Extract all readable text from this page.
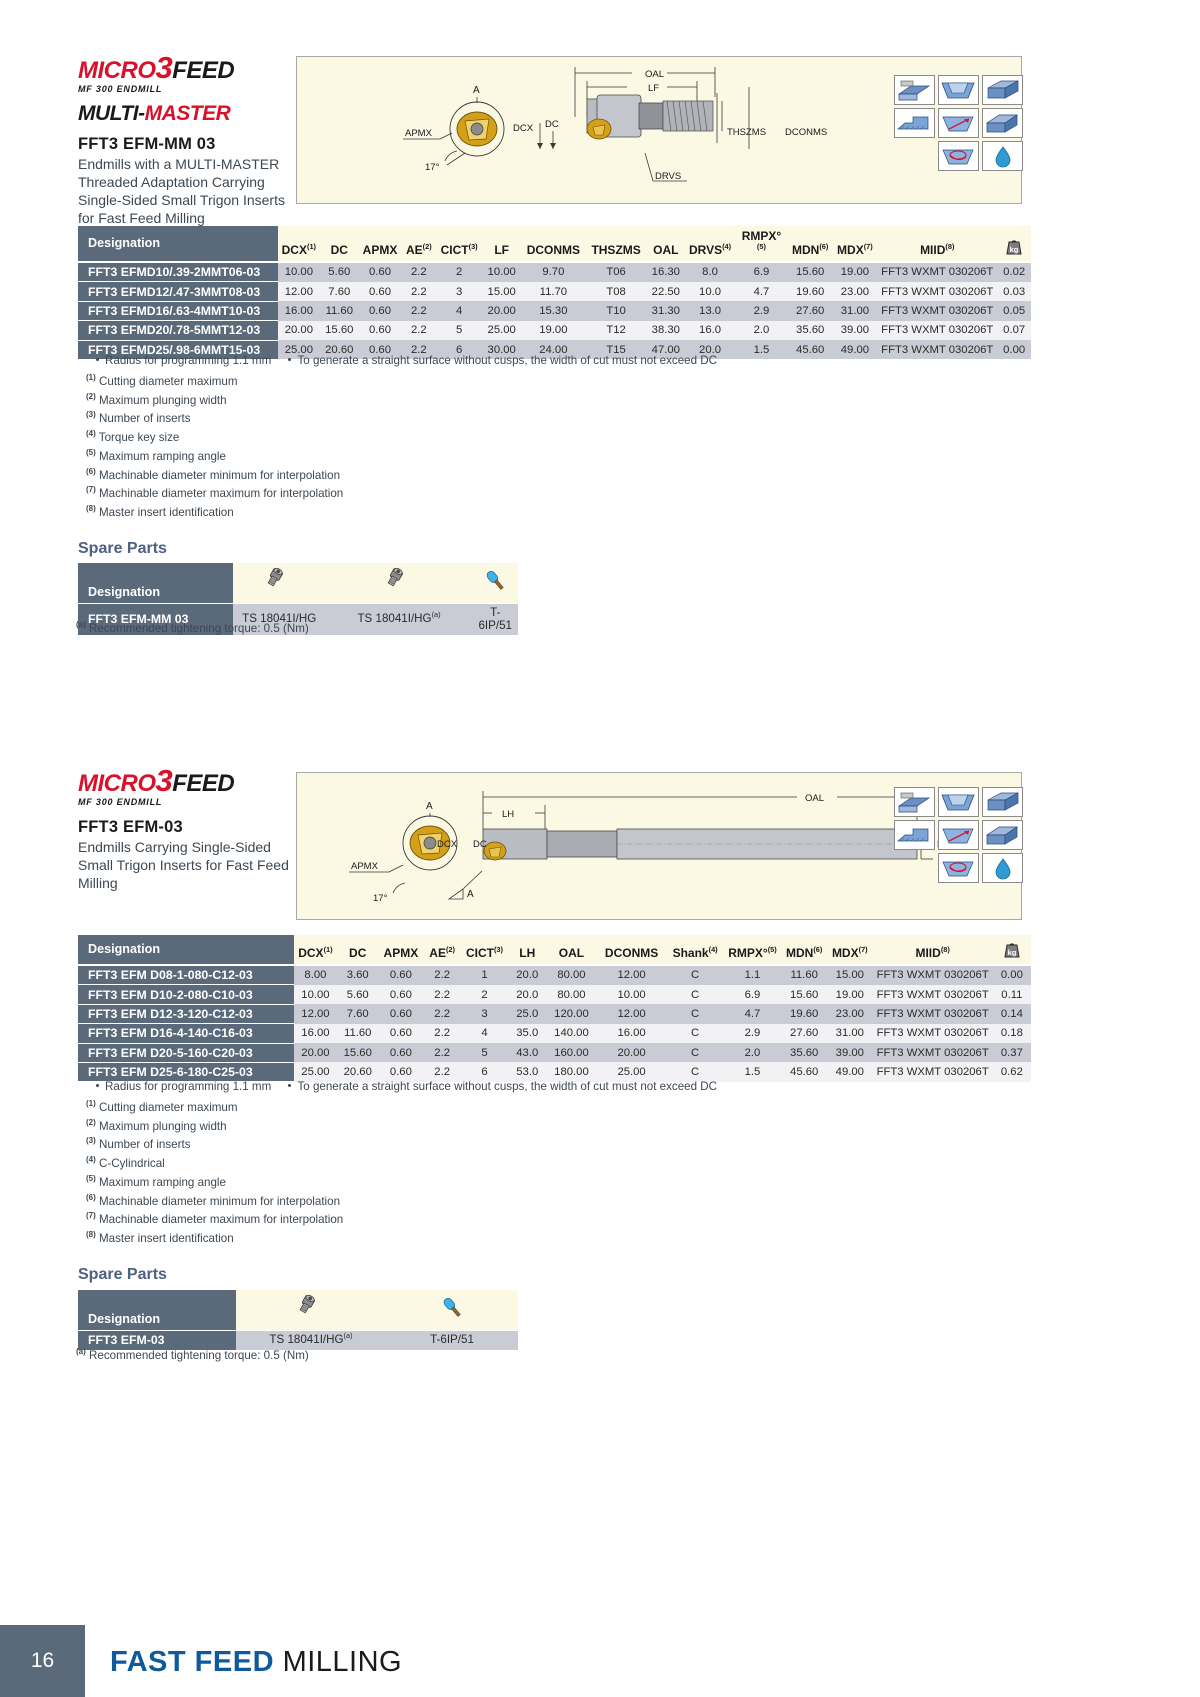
MICRO3FEED
MF 300 ENDMILL
MULTI-MASTER
FFT3 EFM-MM 03
Endmills with a MULTI-MASTER Threaded Adaptation Carrying Single-Sided Small Trigon Inserts for Fast Feed Milling
OAL
LF
A
APMX
17°
DCX DC
THSZMS DCONMS
DRVS
Designation	DCX$^{(1)}$	DC	APMX	AE$^{(2)}$	CICT$^{(3)}$	LF	DCONMS	THSZMS	OAL	DRVS$^{(4)}$	RMPX°$^{(5)}$	MDN$^{(6)}$	MDX$^{(7)}$	MIID$^{(8)}$	kg

FFT3 EFMD10/.39-2MMT06-03	10.00	5.60	0.60	2.2	2	10.00	9.70	T06	16.30	8.0	6.9	15.60	19.00	FFT3 WXMT 030206T	0.02
FFT3 EFMD12/.47-3MMT08-03	12.00	7.60	0.60	2.2	3	15.00	11.70	T08	22.50	10.0	4.7	19.60	23.00	FFT3 WXMT 030206T	0.03
FFT3 EFMD16/.63-4MMT10-03	16.00	11.60	0.60	2.2	4	20.00	15.30	T10	31.30	13.0	2.9	27.60	31.00	FFT3 WXMT 030206T	0.05
FFT3 EFMD20/.78-5MMT12-03	20.00	15.60	0.60	2.2	5	25.00	19.00	T12	38.30	16.0	2.0	35.60	39.00	FFT3 WXMT 030206T	0.07
FFT3 EFMD25/.98-6MMT15-03	25.00	20.60	0.60	2.2	6	30.00	24.00	T15	47.00	20.0	1.5	45.60	49.00	FFT3 WXMT 030206T	0.00
Radius for programming 1.1 mm To generate a straight surface without cusps, the width of cut must not exceed DC
$^{(1)}$ Cutting diameter maximum
$^{(2)}$ Maximum plunging width
$^{(3)}$ Number of inserts
$^{(4)}$ Torque key size
$^{(5)}$ Maximum ramping angle
$^{(6)}$ Machinable diameter minimum for interpolation
$^{(7)}$ Machinable diameter maximum for interpolation
$^{(8)}$ Master insert identification
Spare Parts
Designation			
FFT3 EFM-MM 03	TS 18041I/HG	TS 18041I/HG$^{(a)}$	T-6IP/51
$^{(a)}$ Recommended tightening torque: 0.5 (Nm)
MICRO3FEED
MF 300 ENDMILL
FFT3 EFM-03
Endmills Carrying Single-Sided Small Trigon Inserts for Fast Feed Milling
OAL
LH
A
APMX
17°	A
DCX DC
Designation	DCX$^{(1)}$	DC	APMX	AE$^{(2)}$	CICT$^{(3)}$	LH	OAL	DCONMS	Shank$^{(4)}$	RMPX°$^{(5)}$	MDN$^{(6)}$	MDX$^{(7)}$	MIID$^{(8)}$	kg

FFT3 EFM D08-1-080-C12-03	8.00	3.60	0.60	2.2	1	20.0	80.00	12.00	C	1.1	11.60	15.00	FFT3 WXMT 030206T	0.00
FFT3 EFM D10-2-080-C10-03	10.00	5.60	0.60	2.2	2	20.0	80.00	10.00	C	6.9	15.60	19.00	FFT3 WXMT 030206T	0.11
FFT3 EFM D12-3-120-C12-03	12.00	7.60	0.60	2.2	3	25.0	120.00	12.00	C	4.7	19.60	23.00	FFT3 WXMT 030206T	0.14
FFT3 EFM D16-4-140-C16-03	16.00	11.60	0.60	2.2	4	35.0	140.00	16.00	C	2.9	27.60	31.00	FFT3 WXMT 030206T	0.18
FFT3 EFM D20-5-160-C20-03	20.00	15.60	0.60	2.2	5	43.0	160.00	20.00	C	2.0	35.60	39.00	FFT3 WXMT 030206T	0.37
FFT3 EFM D25-6-180-C25-03	25.00	20.60	0.60	2.2	6	53.0	180.00	25.00	C	1.5	45.60	49.00	FFT3 WXMT 030206T	0.62
Radius for programming 1.1 mm To generate a straight surface without cusps, the width of cut must not exceed DC
$^{(1)}$ Cutting diameter maximum
$^{(2)}$ Maximum plunging width
$^{(3)}$ Number of inserts
$^{(4)}$ C-Cylindrical
$^{(5)}$ Maximum ramping angle
$^{(6)}$ Machinable diameter minimum for interpolation
$^{(7)}$ Machinable diameter maximum for interpolation
$^{(8)}$ Master insert identification
Spare Parts
Designation		
FFT3 EFM-03	TS 18041I/HG$^{(a)}$	T-6IP/51
$^{(a)}$ Recommended tightening torque: 0.5 (Nm)
16	FAST FEED MILLING
